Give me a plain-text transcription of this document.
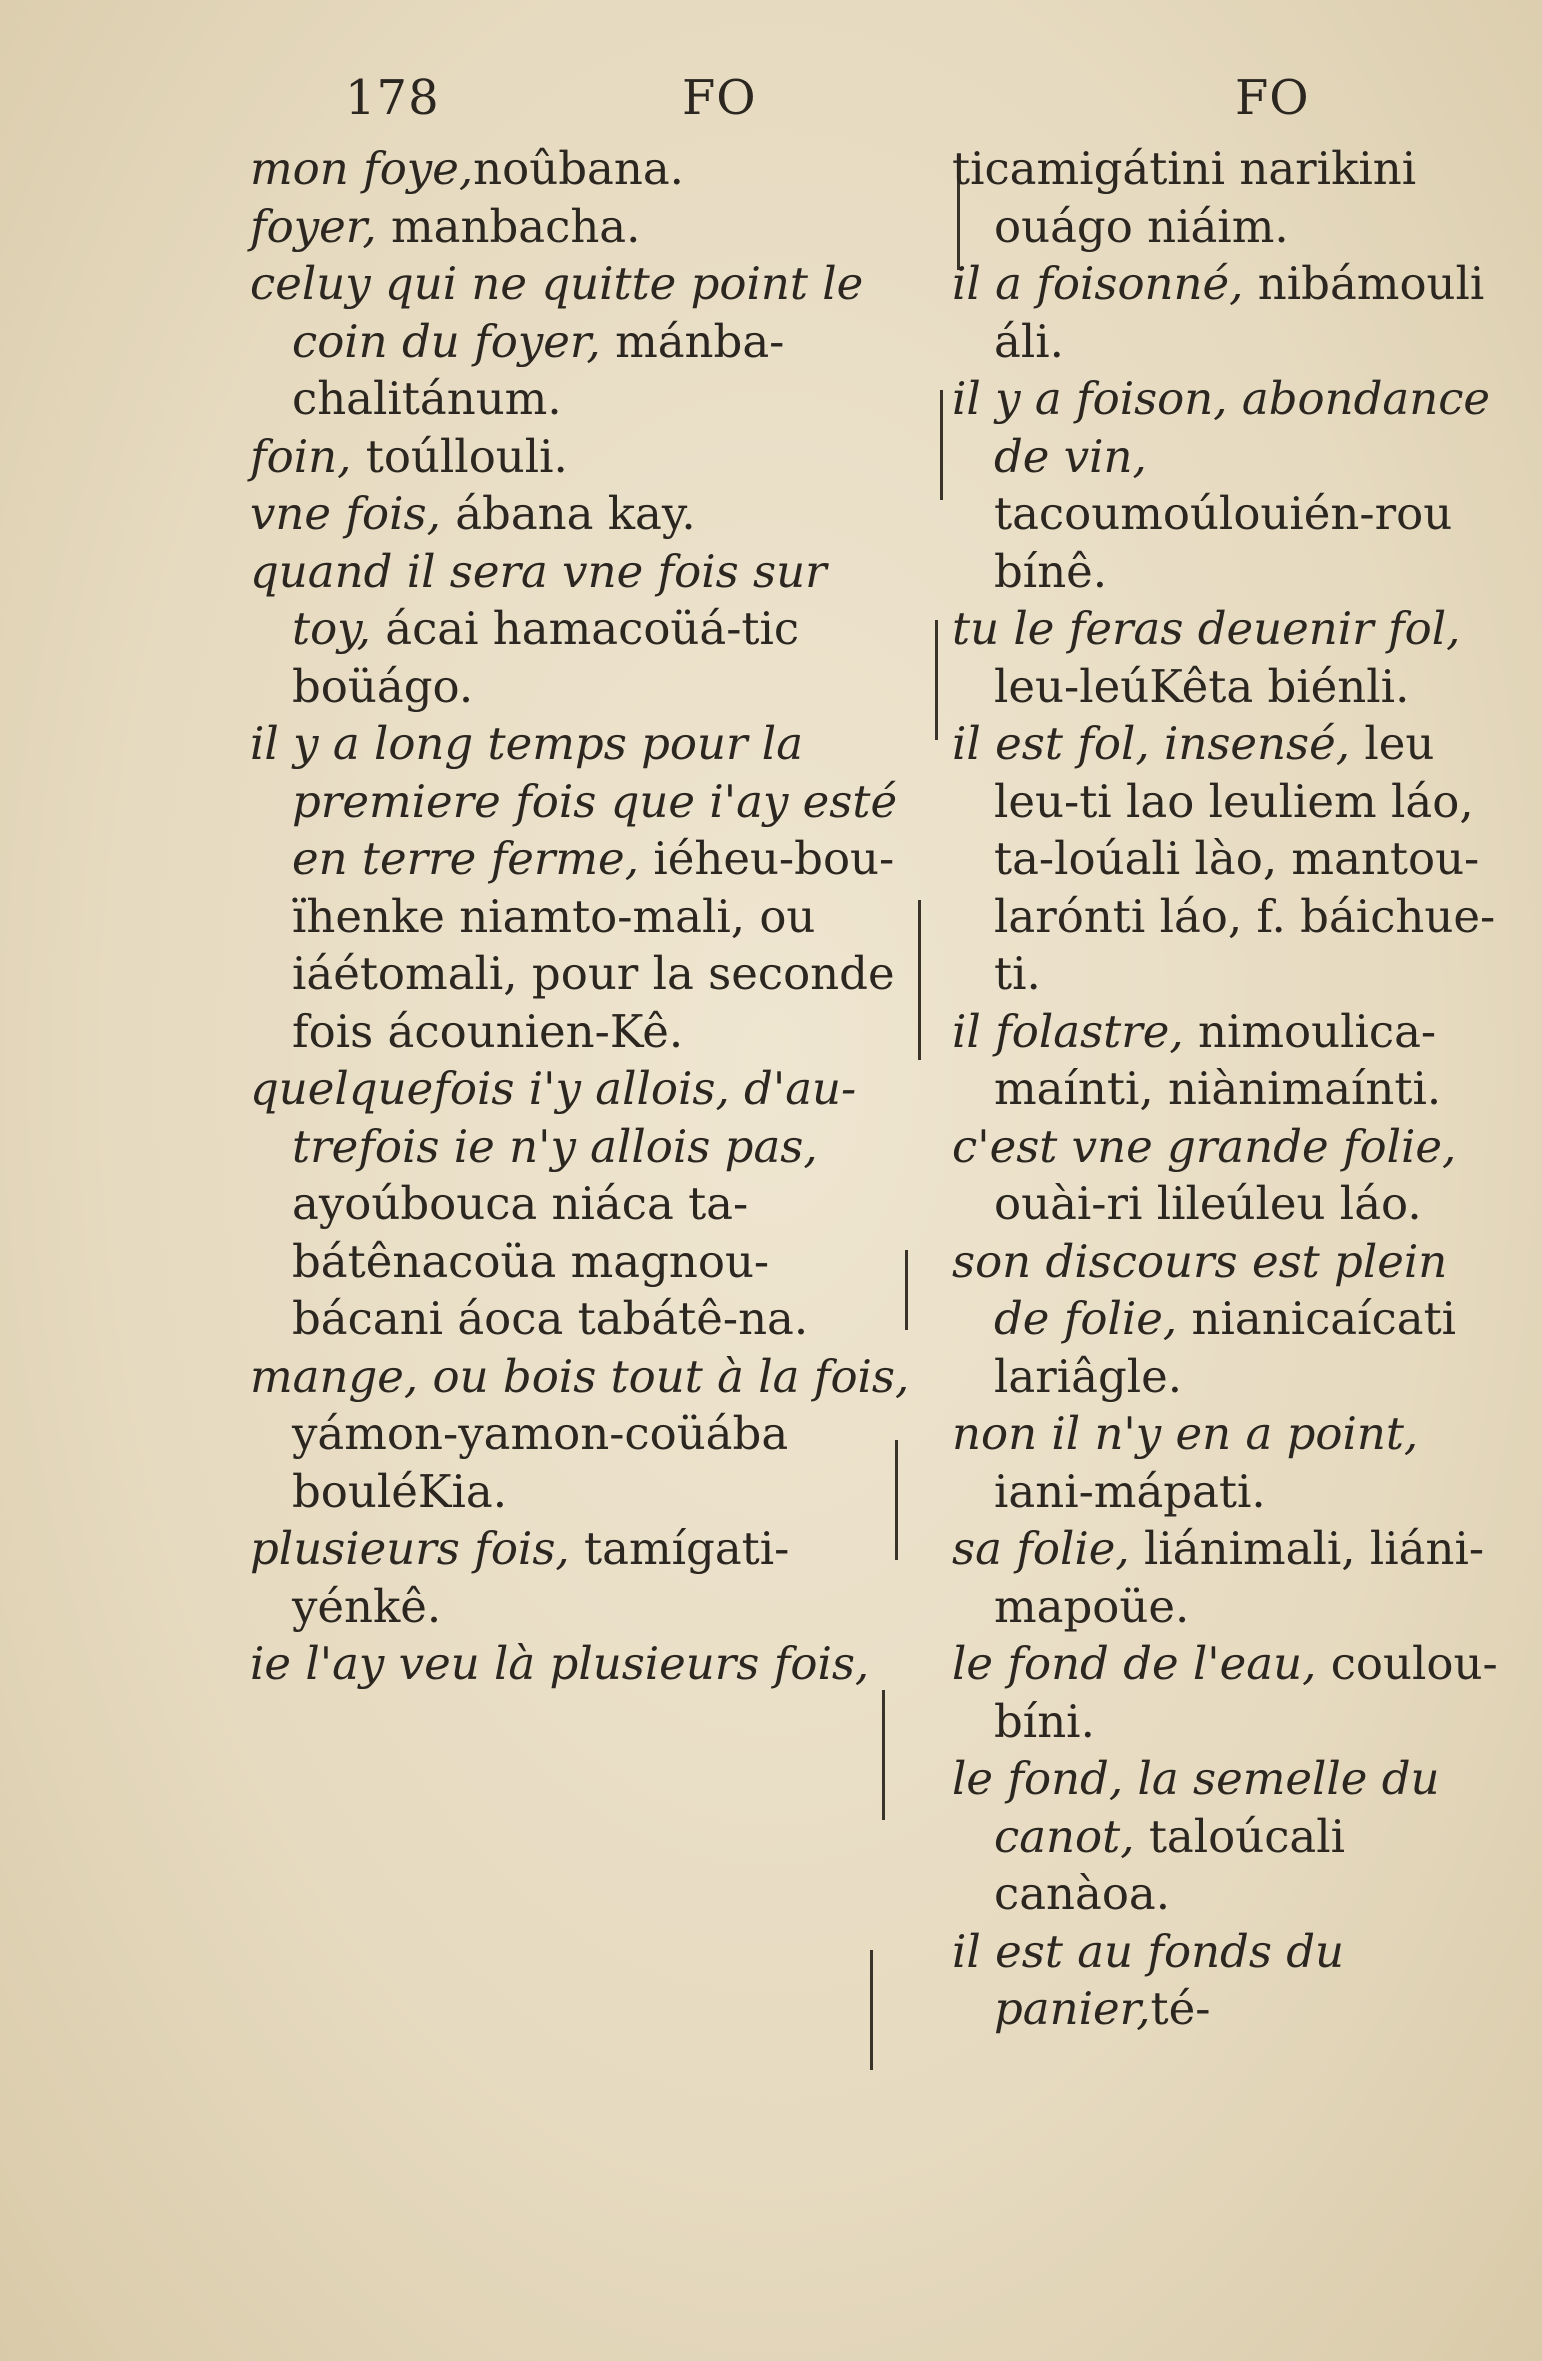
178	FO	FO

mon foye,noûbana.

foyer, manbacha.

celuy qui ne quitte point le coin du foyer, mánba-chalitánum.

foin, toúllouli.

vne fois, ábana kay.

quand il sera vne fois sur toy, ácai hamacoüá-tic boüágo.

il y a long temps pour la premiere fois que i'ay esté en terre ferme, iéheu-bou-ïhenke niamto-mali, ou iáétomali, pour la seconde fois ácounien-Kê.

quelquefois i'y allois, d'au-trefois ie n'y allois pas, ayoúbouca niáca ta-bátênacoüa magnou-bácani áoca tabátê-na.

mange, ou bois tout à la fois, yámon-yamon-coüába bouléKia.

plusieurs fois, tamígati-yénkê.

ie l'ay veu là plusieurs fois,

ticamigátini narikini ouágo niáim.

il a foisonné, nibámouli áli.

il y a foison, abondance de vin, tacoumoúlouién-rou bínê.

tu le feras deuenir fol, leu-leúKêta biénli.

il est fol, insensé, leu leu-ti lao leuliem láo, ta-loúali lào, mantou-larónti láo, f. báichue-ti.

il folastre, nimoulica-maínti, niànimaínti.

c'est vne grande folie, ouài-ri lileúleu láo.

son discours est plein de folie, nianicaícati lariâgle.

non il n'y en a point, iani-mápati.

sa folie, liánimali, liáni-mapoüe.

le fond de l'eau, coulou-bíni.

le fond, la semelle du canot, taloúcali canàoa.

il est au fonds du panier,té-
